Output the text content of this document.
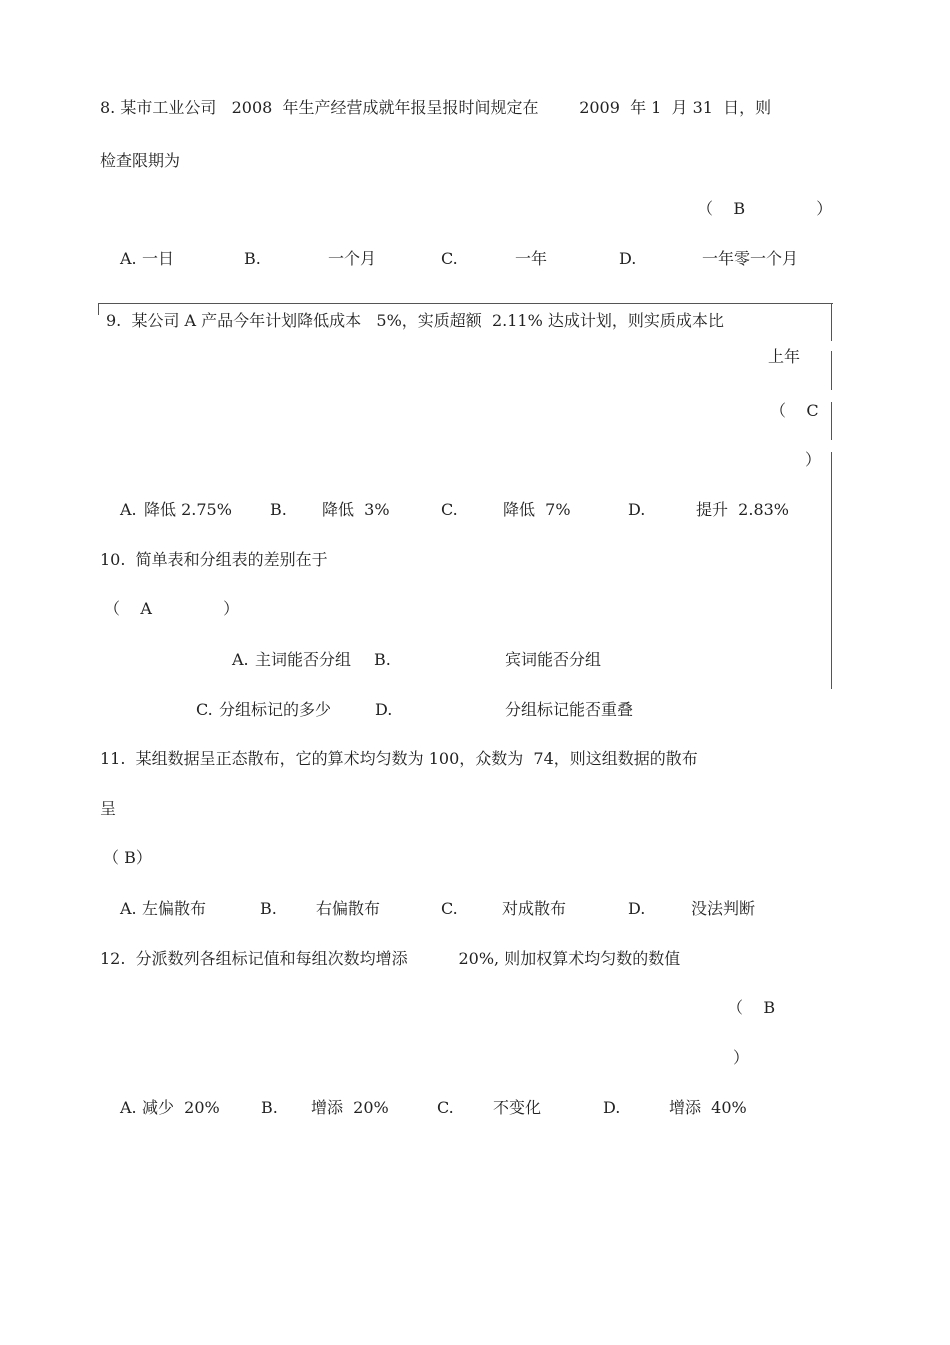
8. 某市工业公司   2008  年生产经营成就年报呈报时间规定在        2009  年 1  月 31  日，则
检查限期为
（    B              ）
A. 一日	B.	一个月	C.	一年	D.	一年零一个月
9.  某公司 A 产品今年计划降低成本   5%，实质超额  2.11% 达成计划，则实质成本比
上年
（    C
）
A. 降低 2.75% B. 降低  3%	C.	降低  7%	D.	提升  2.83%
10.  简单表和分组表的差别在于
（    A              ）
A. 主词能否分组 B.	宾词能否分组
C. 分组标记的多少	D.	分组标记能否重叠
11.  某组数据呈正态散布，它的算术均匀数为 100，众数为  74，则这组数据的散布
呈
（ B）
A. 左偏散布	B. 右偏散布	C.	对成散布	D.	没法判断
12.  分派数列各组标记值和每组次数均增添          20%, 则加权算术均匀数的数值
（    B
）
A. 减少  20%	B. 增添  20%	C. 不变化	D.	增添  40%
